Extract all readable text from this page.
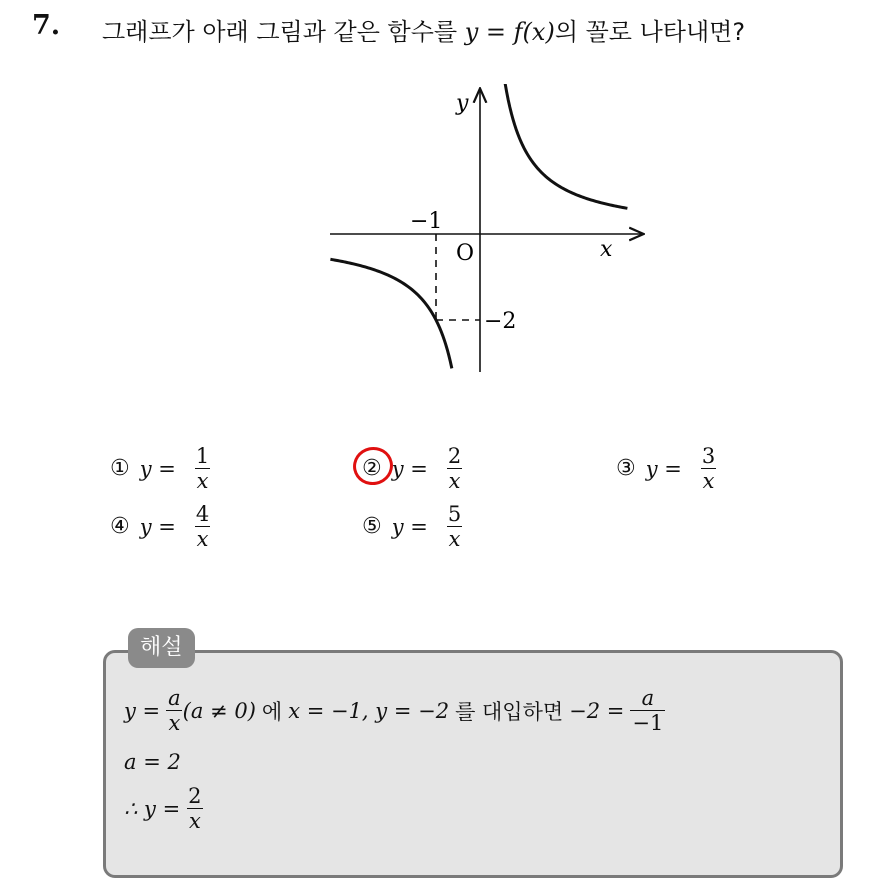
7. 그래프가 아래 그림과 같은 함수를 y = f(x)의 꼴로 나타내면?
y
x
O
−1
−2
① $y = \frac{1}{x}$	② $y = \frac{2}{x}$	③ $y = \frac{3}{x}$
④ $y = \frac{4}{x}$	⑤ $y = \frac{5}{x}$
해설
$y = \frac{a}{x} (a \ne 0)$ 에 x = −1, y = −2 를 대입하면 $-2 = \frac{a}{-1}$
a = 2
∴ $y = \frac{2}{x}$
